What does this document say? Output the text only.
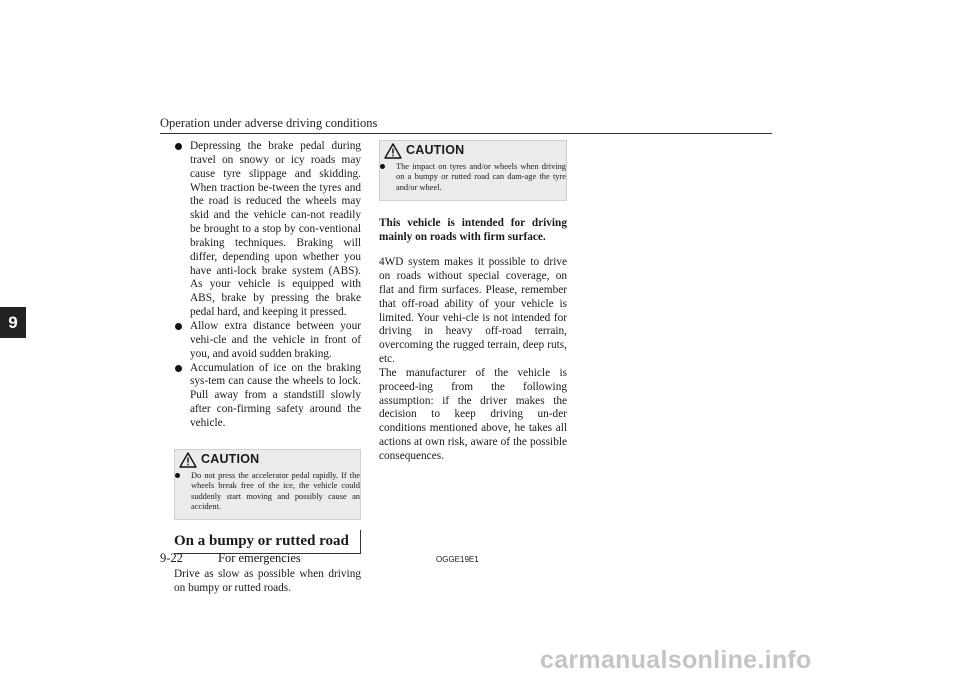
Operation under adverse driving conditions
9
Depressing the brake pedal during travel on snowy or icy roads may cause tyre slippage and skidding. When traction be-tween the tyres and the road is reduced the wheels may skid and the vehicle can-not readily be brought to a stop by con-ventional braking techniques. Braking will differ, depending upon whether you have anti-lock brake system (ABS). As your vehicle is equipped with ABS, brake by pressing the brake pedal hard, and keeping it pressed.
Allow extra distance between your vehi-cle and the vehicle in front of you, and avoid sudden braking.
Accumulation of ice on the braking sys-tem can cause the wheels to lock. Pull away from a standstill slowly after con-firming safety around the vehicle.
CAUTION
Do not press the accelerator pedal rapidly. If the wheels break free of the ice, the vehicle could suddenly start moving and possibly cause an accident.
On a bumpy or rutted road

Drive as slow as possible when driving on bumpy or rutted roads.

CAUTION
The impact on tyres and/or wheels when driving on a bumpy or rutted road can dam-age the tyre and/or wheel.

This vehicle is intended for driving mainly on roads with firm surface.

4WD system makes it possible to drive on roads without special coverage, on flat and firm surfaces. Please, remember that off-road ability of your vehicle is limited. Your vehi-cle is not intended for driving in heavy off-road terrain, overcoming the rugged terrain, deep ruts, etc.

The manufacturer of the vehicle is proceed-ing from the following assumption: if the driver makes the decision to keep driving un-der conditions mentioned above, he takes all actions at own risk, aware of the possible consequences.

9-22	For emergencies	OGGE19E1
carmanualsonline.info
